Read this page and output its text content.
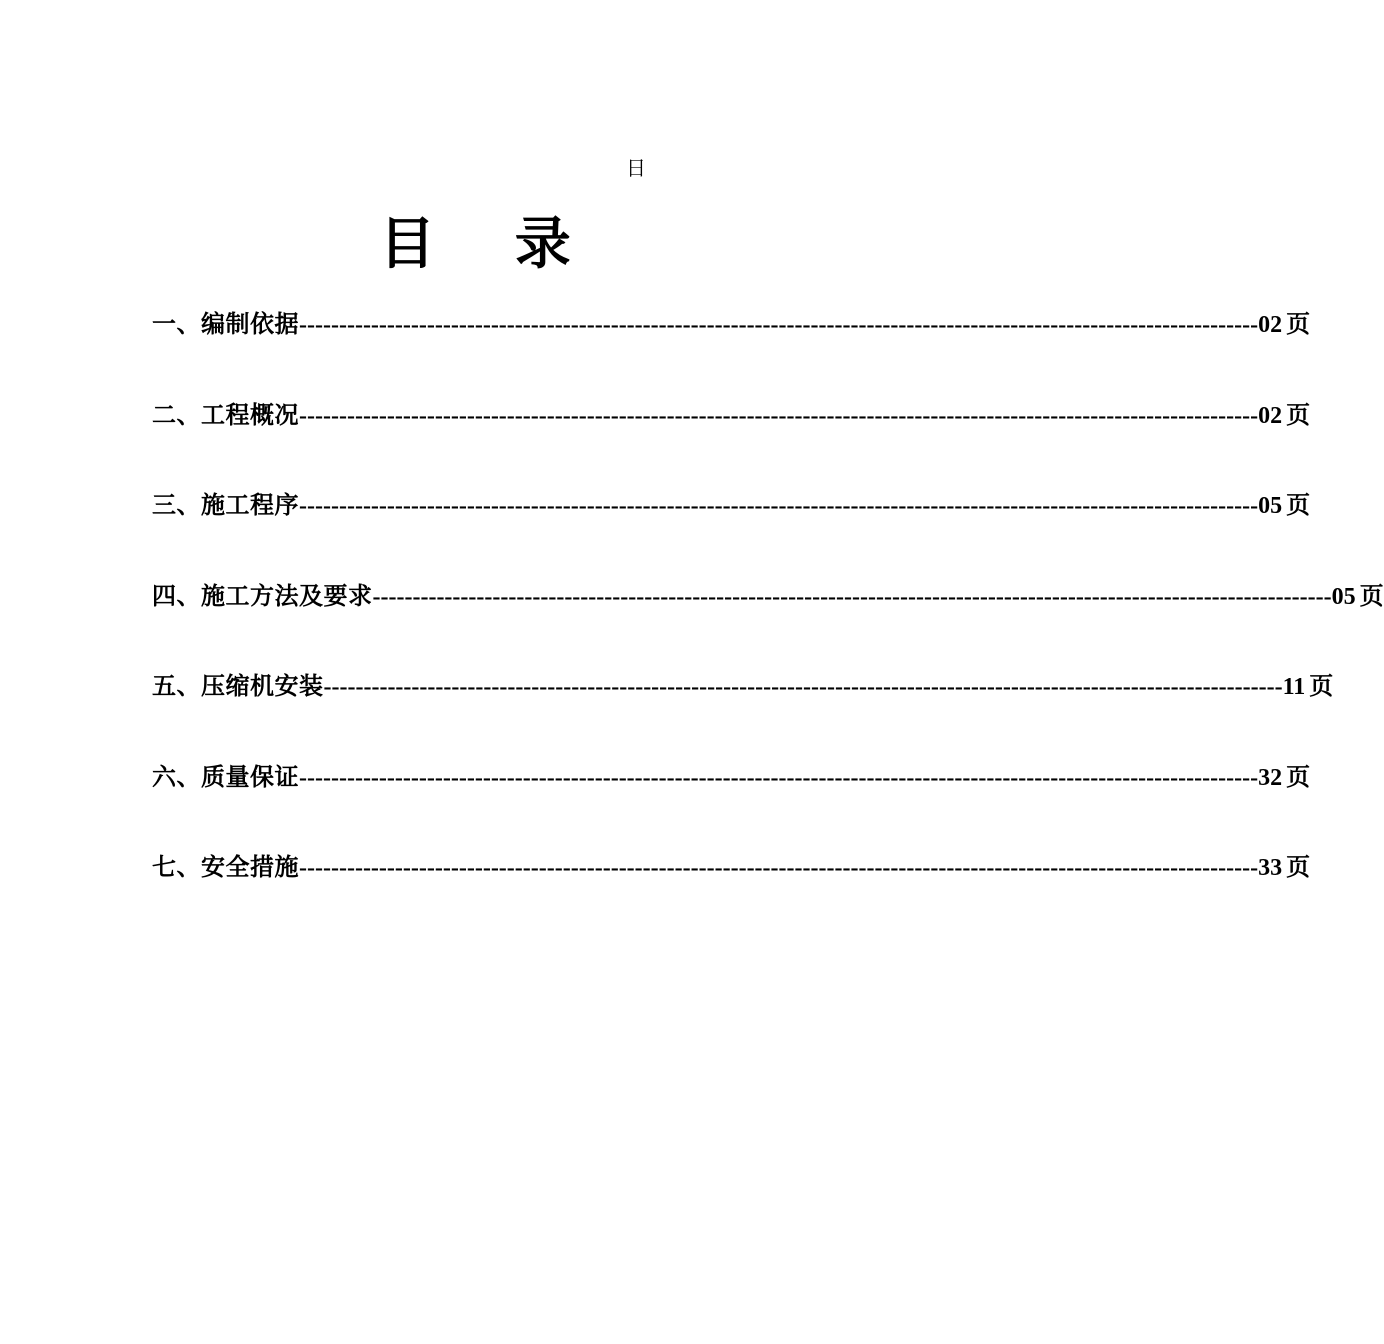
日
目 录
一、编制依据 ------------------------------------------------------------------------------------------------------------------------ 02 页
二、工程概况 ------------------------------------------------------------------------------------------------------------------------ 02 页
三、施工程序 ------------------------------------------------------------------------------------------------------------------------ 05 页
四、施工方法及要求 ------------------------------------------------------------------------------------------------------------------------ 05 页
五、压缩机安装 ------------------------------------------------------------------------------------------------------------------------ 11 页
六、质量保证 ------------------------------------------------------------------------------------------------------------------------ 32 页
七、安全措施 ------------------------------------------------------------------------------------------------------------------------ 33 页
